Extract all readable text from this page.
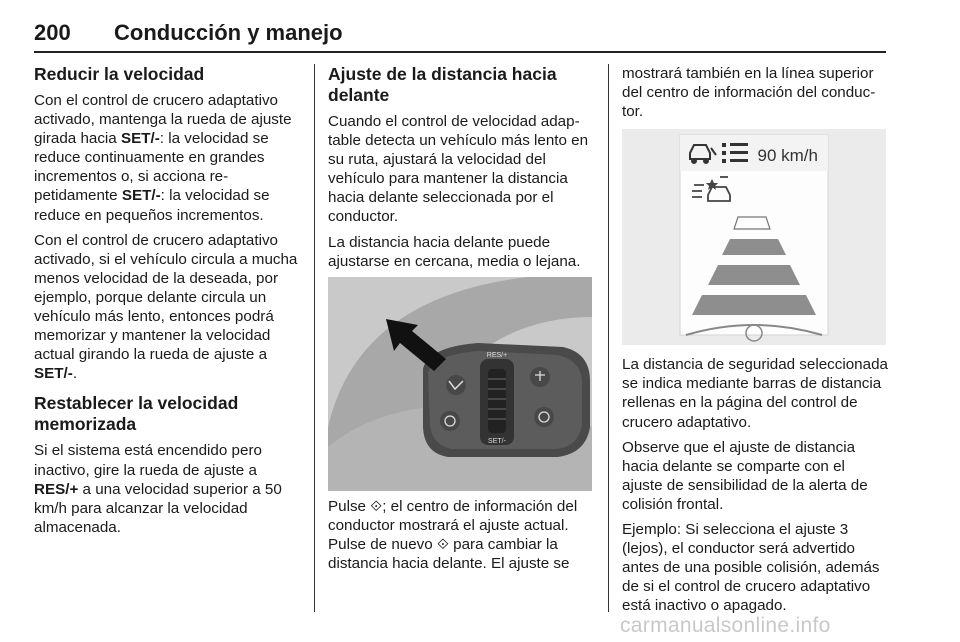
200 Conducción y manejo
Reducir la velocidad

Con el control de crucero adaptativo activado, mantenga la rueda de ajuste girada hacia SET/-: la velocidad se reduce continuamente en grandes incrementos o, si acciona repetidamente SET/-: la velocidad se reduce en pequeños incrementos.

Con el control de crucero adaptativo activado, si el vehículo circula a mucha menos velocidad de la deseada, por ejemplo, porque delante circula un vehículo más lento, entonces podrá memorizar y mantener la velocidad actual girando la rueda de ajuste a SET/-.

Restablecer la velocidad memorizada

Si el sistema está encendido pero inactivo, gire la rueda de ajuste a RES/+ a una velocidad superior a 50 km/h para alcanzar la velocidad almacenada.

Ajuste de la distancia hacia delante

Cuando el control de velocidad adaptable detecta un vehículo más lento en su ruta, ajustará la velocidad del vehículo para mantener la distancia hacia delante seleccionada por el conductor.

La distancia hacia delante puede ajustarse en cercana, media o lejana.

RES/+
SET/-

Pulse ⟐; el centro de información del conductor mostrará el ajuste actual. Pulse de nuevo ⟐ para cambiar la distancia hacia delante. El ajuste se

mostrará también en la línea superior del centro de información del conductor.

90 km/h

La distancia de seguridad seleccionada se indica mediante barras de distancia rellenas en la página del control de crucero adaptativo.

Observe que el ajuste de distancia hacia delante se comparte con el ajuste de sensibilidad de la alerta de colisión frontal.

Ejemplo: Si selecciona el ajuste 3 (lejos), el conductor será advertido antes de una posible colisión, además de si el control de crucero adaptativo está inactivo o apagado.

carmanualsonline.info
